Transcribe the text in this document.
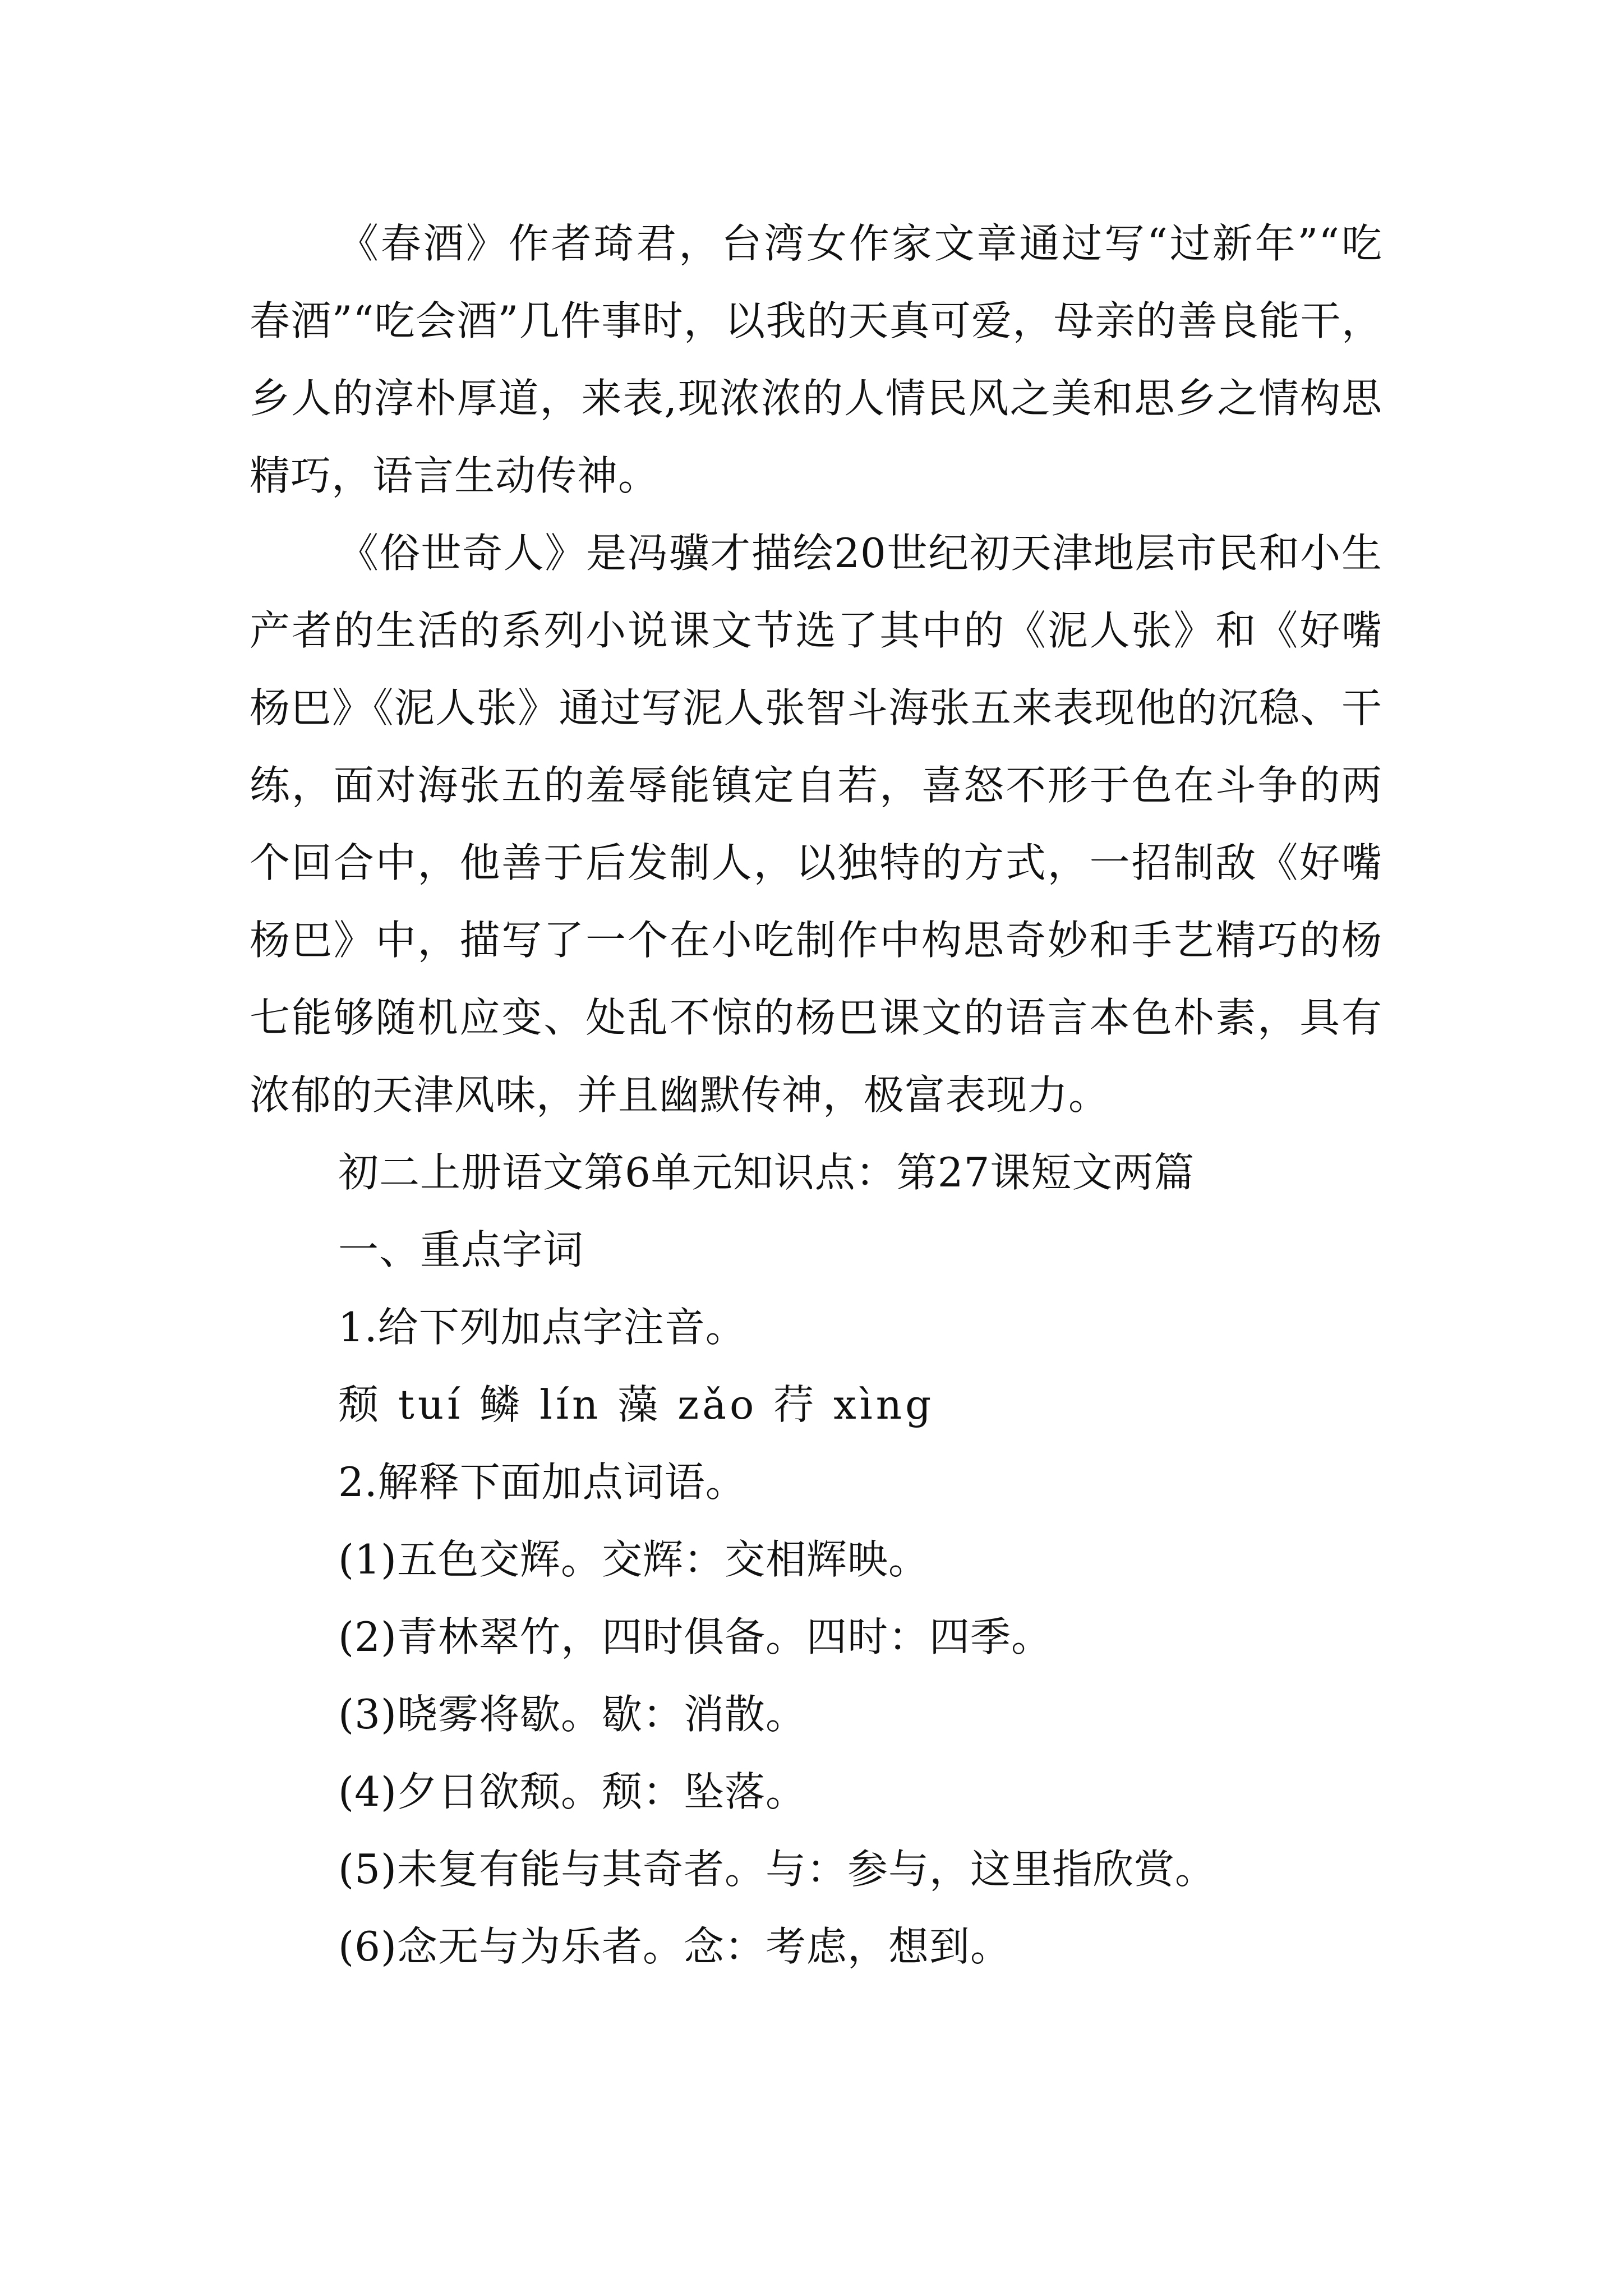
《春酒》作者琦君，台湾女作家文章通过写“过新年”“吃春酒”“吃会酒”几件事时，以我的天真可爱，母亲的善良能干，乡人的淳朴厚道，来表,现浓浓的人情民风之美和思乡之情构思精巧，语言生动传神。

《俗世奇人》是冯骥才描绘20世纪初天津地层市民和小生产者的生活的系列小说课文节选了其中的《泥人张》和《好嘴杨巴》《泥人张》通过写泥人张智斗海张五来表现他的沉稳、干练，面对海张五的羞辱能镇定自若，喜怒不形于色在斗争的两个回合中，他善于后发制人，以独特的方式，一招制敌《好嘴杨巴》中，描写了一个在小吃制作中构思奇妙和手艺精巧的杨七能够随机应变、处乱不惊的杨巴课文的语言本色朴素，具有浓郁的天津风味，并且幽默传神，极富表现力。

初二上册语文第6单元知识点：第27课短文两篇

一、重点字词

1.给下列加点字注音。

颓 tuí 鳞 lín 藻 zǎo 荇 xìng

2.解释下面加点词语。

(1)五色交辉。交辉：交相辉映。

(2)青林翠竹，四时俱备。四时：四季。

(3)晓雾将歇。歇：消散。

(4)夕日欲颓。颓：坠落。

(5)未复有能与其奇者。与：参与，这里指欣赏。

(6)念无与为乐者。念：考虑，想到。
